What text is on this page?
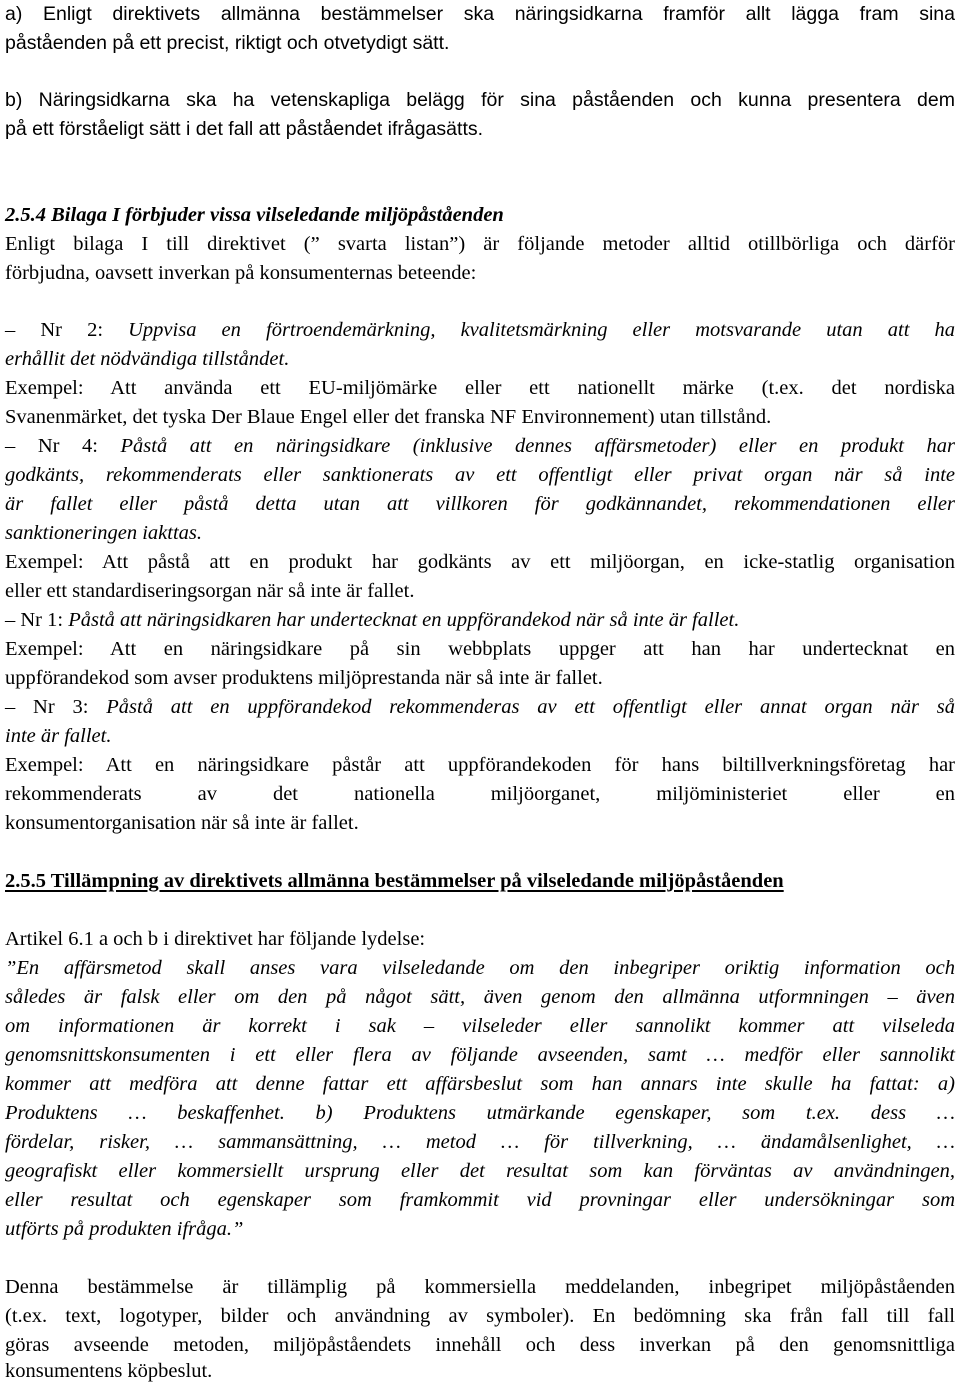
a) Enligt direktivets allmänna bestämmelser ska näringsidkarna framför allt lägga fram sina
påståenden på ett precist, riktigt och otvetydigt sätt.
b) Näringsidkarna ska ha vetenskapliga belägg för sina påståenden och kunna presentera dem
på ett förståeligt sätt i det fall att påståendet ifrågasätts.
2.5.4 Bilaga I förbjuder vissa vilseledande miljöpåståenden
Enligt bilaga I till direktivet (” svarta listan”) är följande metoder alltid otillbörliga och därför
förbjudna, oavsett inverkan på konsumenternas beteende:
– Nr 2: Uppvisa en förtroendemärkning, kvalitetsmärkning eller motsvarande utan att ha
erhållit det nödvändiga tillståndet.
Exempel: Att använda ett EU-miljömärke eller ett nationellt märke (t.ex. det nordiska
Svanenmärket, det tyska Der Blaue Engel eller det franska NF Environnement) utan tillstånd.
– Nr 4: Påstå att en näringsidkare (inklusive dennes affärsmetoder) eller en produkt har
godkänts, rekommenderats eller sanktionerats av ett offentligt eller privat organ när så inte
är fallet eller påstå detta utan att villkoren för godkännandet, rekommendationen eller
sanktioneringen iakttas.
Exempel: Att påstå att en produkt har godkänts av ett miljöorgan, en icke-statlig organisation
eller ett standardiseringsorgan när så inte är fallet.
– Nr 1: Påstå att näringsidkaren har undertecknat en uppförandekod när så inte är fallet.
Exempel: Att en näringsidkare på sin webbplats uppger att han har undertecknat en
uppförandekod som avser produktens miljöprestanda när så inte är fallet.
– Nr 3: Påstå att en uppförandekod rekommenderas av ett offentligt eller annat organ när så
inte är fallet.
Exempel: Att en näringsidkare påstår att uppförandekoden för hans biltillverkningsföretag har
rekommenderats av det nationella miljöorganet, miljöministeriet eller en
konsumentorganisation när så inte är fallet.
2.5.5 Tillämpning av direktivets allmänna bestämmelser på vilseledande miljöpåståenden
Artikel 6.1 a och b i direktivet har följande lydelse:
”En affärsmetod skall anses vara vilseledande om den inbegriper oriktig information och
således är falsk eller om den på något sätt, även genom den allmänna utformningen – även
om informationen är korrekt i sak – vilseleder eller sannolikt kommer att vilseleda
genomsnittskonsumenten i ett eller flera av följande avseenden, samt … medför eller sannolikt
kommer att medföra att denne fattar ett affärsbeslut som han annars inte skulle ha fattat: a)
Produktens … beskaffenhet. b) Produktens utmärkande egenskaper, som t.ex. dess …
fördelar, risker, … sammansättning, … metod … för tillverkning, … ändamålsenlighet, …
geografiskt eller kommersiellt ursprung eller det resultat som kan förväntas av användningen,
eller resultat och egenskaper som framkommit vid provningar eller undersökningar som
utförts på produkten ifråga.”
Denna bestämmelse är tillämplig på kommersiella meddelanden, inbegripet miljöpåståenden
(t.ex. text, logotyper, bilder och användning av symboler). En bedömning ska från fall till fall
göras avseende metoden, miljöpåståendets innehåll och dess inverkan på den genomsnittliga
konsumentens köpbeslut.
